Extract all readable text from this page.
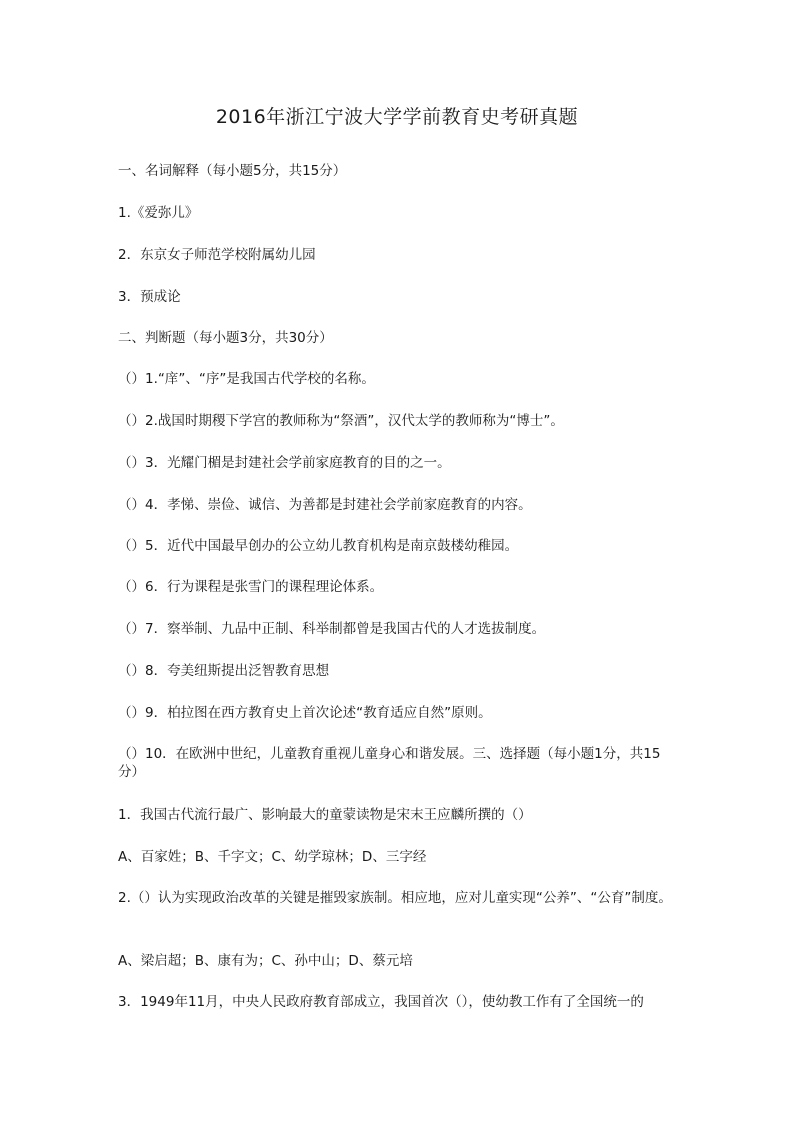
2016年浙江宁波大学学前教育史考研真题
一、名词解释（每小题5分，共15分）
1.《爱弥儿》
2．东京女子师范学校附属幼儿园
3．预成论
二、判断题（每小题3分，共30分）
（）1.“庠”、“序”是我国古代学校的名称。
（）2.战国时期稷下学宫的教师称为“祭酒”，汉代太学的教师称为“博士”。
（）3．光耀门楣是封建社会学前家庭教育的目的之一。
（）4．孝悌、崇俭、诚信、为善都是封建社会学前家庭教育的内容。
（）5．近代中国最早创办的公立幼儿教育机构是南京鼓楼幼稚园。
（）6．行为课程是张雪门的课程理论体系。
（）7．察举制、九品中正制、科举制都曾是我国古代的人才选拔制度。
（）8．夸美纽斯提出泛智教育思想
（）9．柏拉图在西方教育史上首次论述“教育适应自然”原则。
（）10．在欧洲中世纪，儿童教育重视儿童身心和谐发展。三、选择题（每小题1分，共15分）
1．我国古代流行最广、影响最大的童蒙读物是宋末王应麟所撰的（）
A、百家姓；B、千字文；C、幼学琼林；D、三字经
2.（）认为实现政治改革的关键是摧毁家族制。相应地，应对儿童实现“公养”、“公育”制度。
A、梁启超；B、康有为；C、孙中山；D、蔡元培
3．1949年11月，中央人民政府教育部成立，我国首次（），使幼教工作有了全国统一的
